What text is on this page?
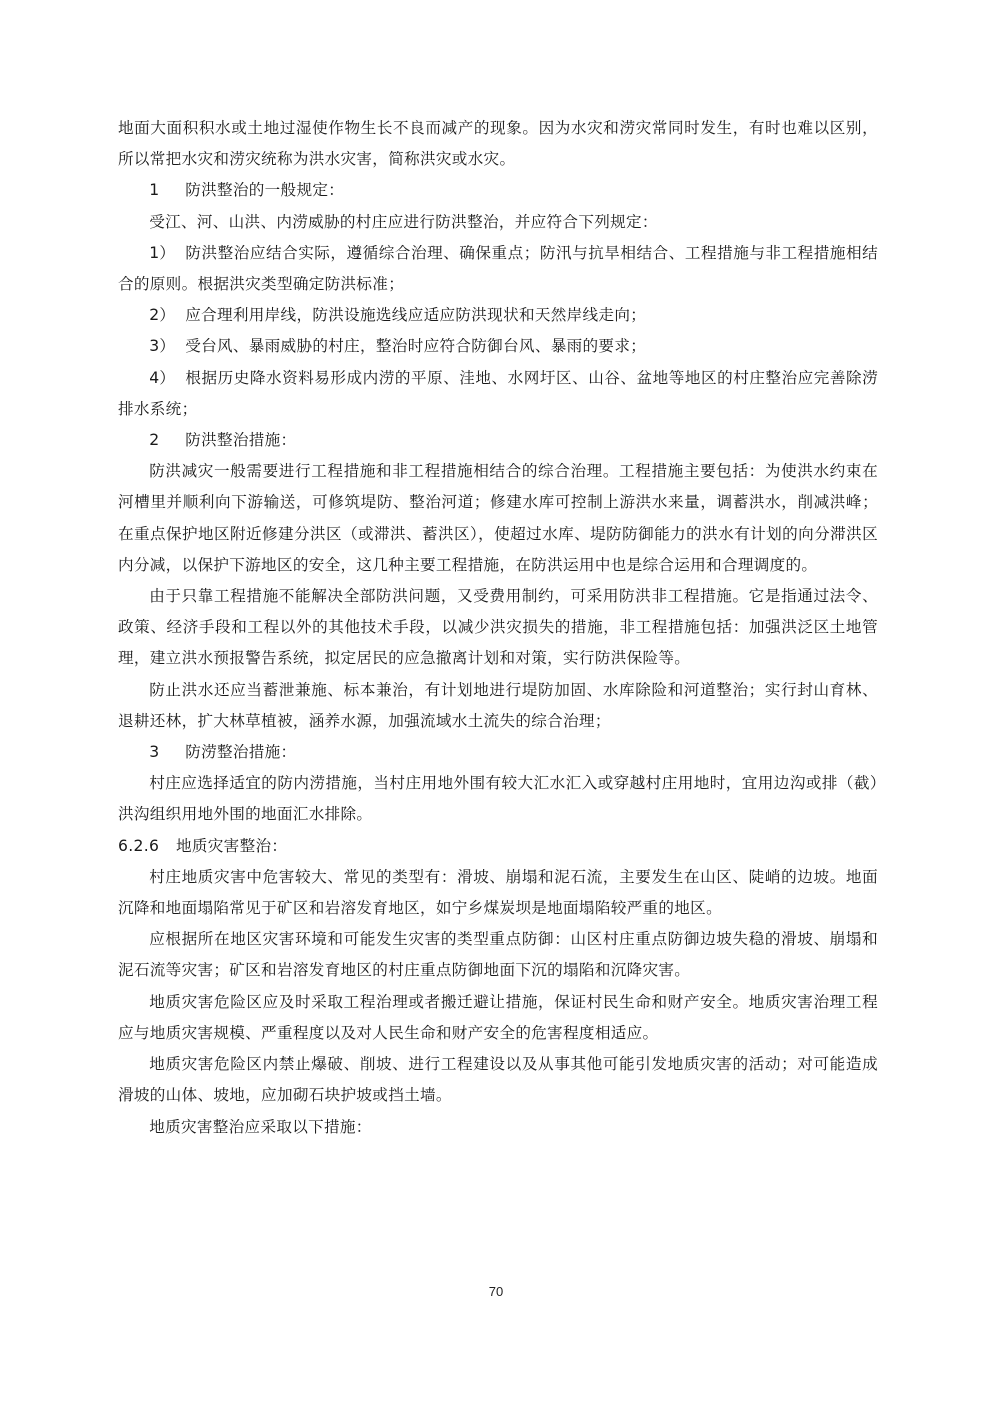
地面大面积积水或土地过湿使作物生长不良而减产的现象。因为水灾和涝灾常同时发生，有时也难以区别，所以常把水灾和涝灾统称为洪水灾害，简称洪灾或水灾。

1 防洪整治的一般规定：

受江、河、山洪、内涝威胁的村庄应进行防洪整治，并应符合下列规定：

1） 防洪整治应结合实际，遵循综合治理、确保重点；防汛与抗旱相结合、工程措施与非工程措施相结合的原则。根据洪灾类型确定防洪标准；

2） 应合理利用岸线，防洪设施选线应适应防洪现状和天然岸线走向；

3） 受台风、暴雨威胁的村庄，整治时应符合防御台风、暴雨的要求；

4） 根据历史降水资料易形成内涝的平原、洼地、水网圩区、山谷、盆地等地区的村庄整治应完善除涝排水系统；

2 防洪整治措施：

防洪减灾一般需要进行工程措施和非工程措施相结合的综合治理。工程措施主要包括：为使洪水约束在河槽里并顺利向下游输送，可修筑堤防、整治河道；修建水库可控制上游洪水来量，调蓄洪水，削减洪峰；在重点保护地区附近修建分洪区（或滞洪、蓄洪区），使超过水库、堤防防御能力的洪水有计划的向分滞洪区内分减，以保护下游地区的安全，这几种主要工程措施，在防洪运用中也是综合运用和合理调度的。

由于只靠工程措施不能解决全部防洪问题，又受费用制约，可采用防洪非工程措施。它是指通过法令、政策、经济手段和工程以外的其他技术手段，以减少洪灾损失的措施，非工程措施包括：加强洪泛区土地管理，建立洪水预报警告系统，拟定居民的应急撤离计划和对策，实行防洪保险等。

防止洪水还应当蓄泄兼施、标本兼治，有计划地进行堤防加固、水库除险和河道整治；实行封山育林、退耕还林，扩大林草植被，涵养水源，加强流域水土流失的综合治理；

3 防涝整治措施：

村庄应选择适宜的防内涝措施，当村庄用地外围有较大汇水汇入或穿越村庄用地时，宜用边沟或排（截）洪沟组织用地外围的地面汇水排除。

6.2.6 地质灾害整治：

村庄地质灾害中危害较大、常见的类型有：滑坡、崩塌和泥石流，主要发生在山区、陡峭的边坡。地面沉降和地面塌陷常见于矿区和岩溶发育地区，如宁乡煤炭坝是地面塌陷较严重的地区。

应根据所在地区灾害环境和可能发生灾害的类型重点防御：山区村庄重点防御边坡失稳的滑坡、崩塌和泥石流等灾害；矿区和岩溶发育地区的村庄重点防御地面下沉的塌陷和沉降灾害。

地质灾害危险区应及时采取工程治理或者搬迁避让措施，保证村民生命和财产安全。地质灾害治理工程应与地质灾害规模、严重程度以及对人民生命和财产安全的危害程度相适应。

地质灾害危险区内禁止爆破、削坡、进行工程建设以及从事其他可能引发地质灾害的活动；对可能造成滑坡的山体、坡地，应加砌石块护坡或挡土墙。

地质灾害整治应采取以下措施：

70
